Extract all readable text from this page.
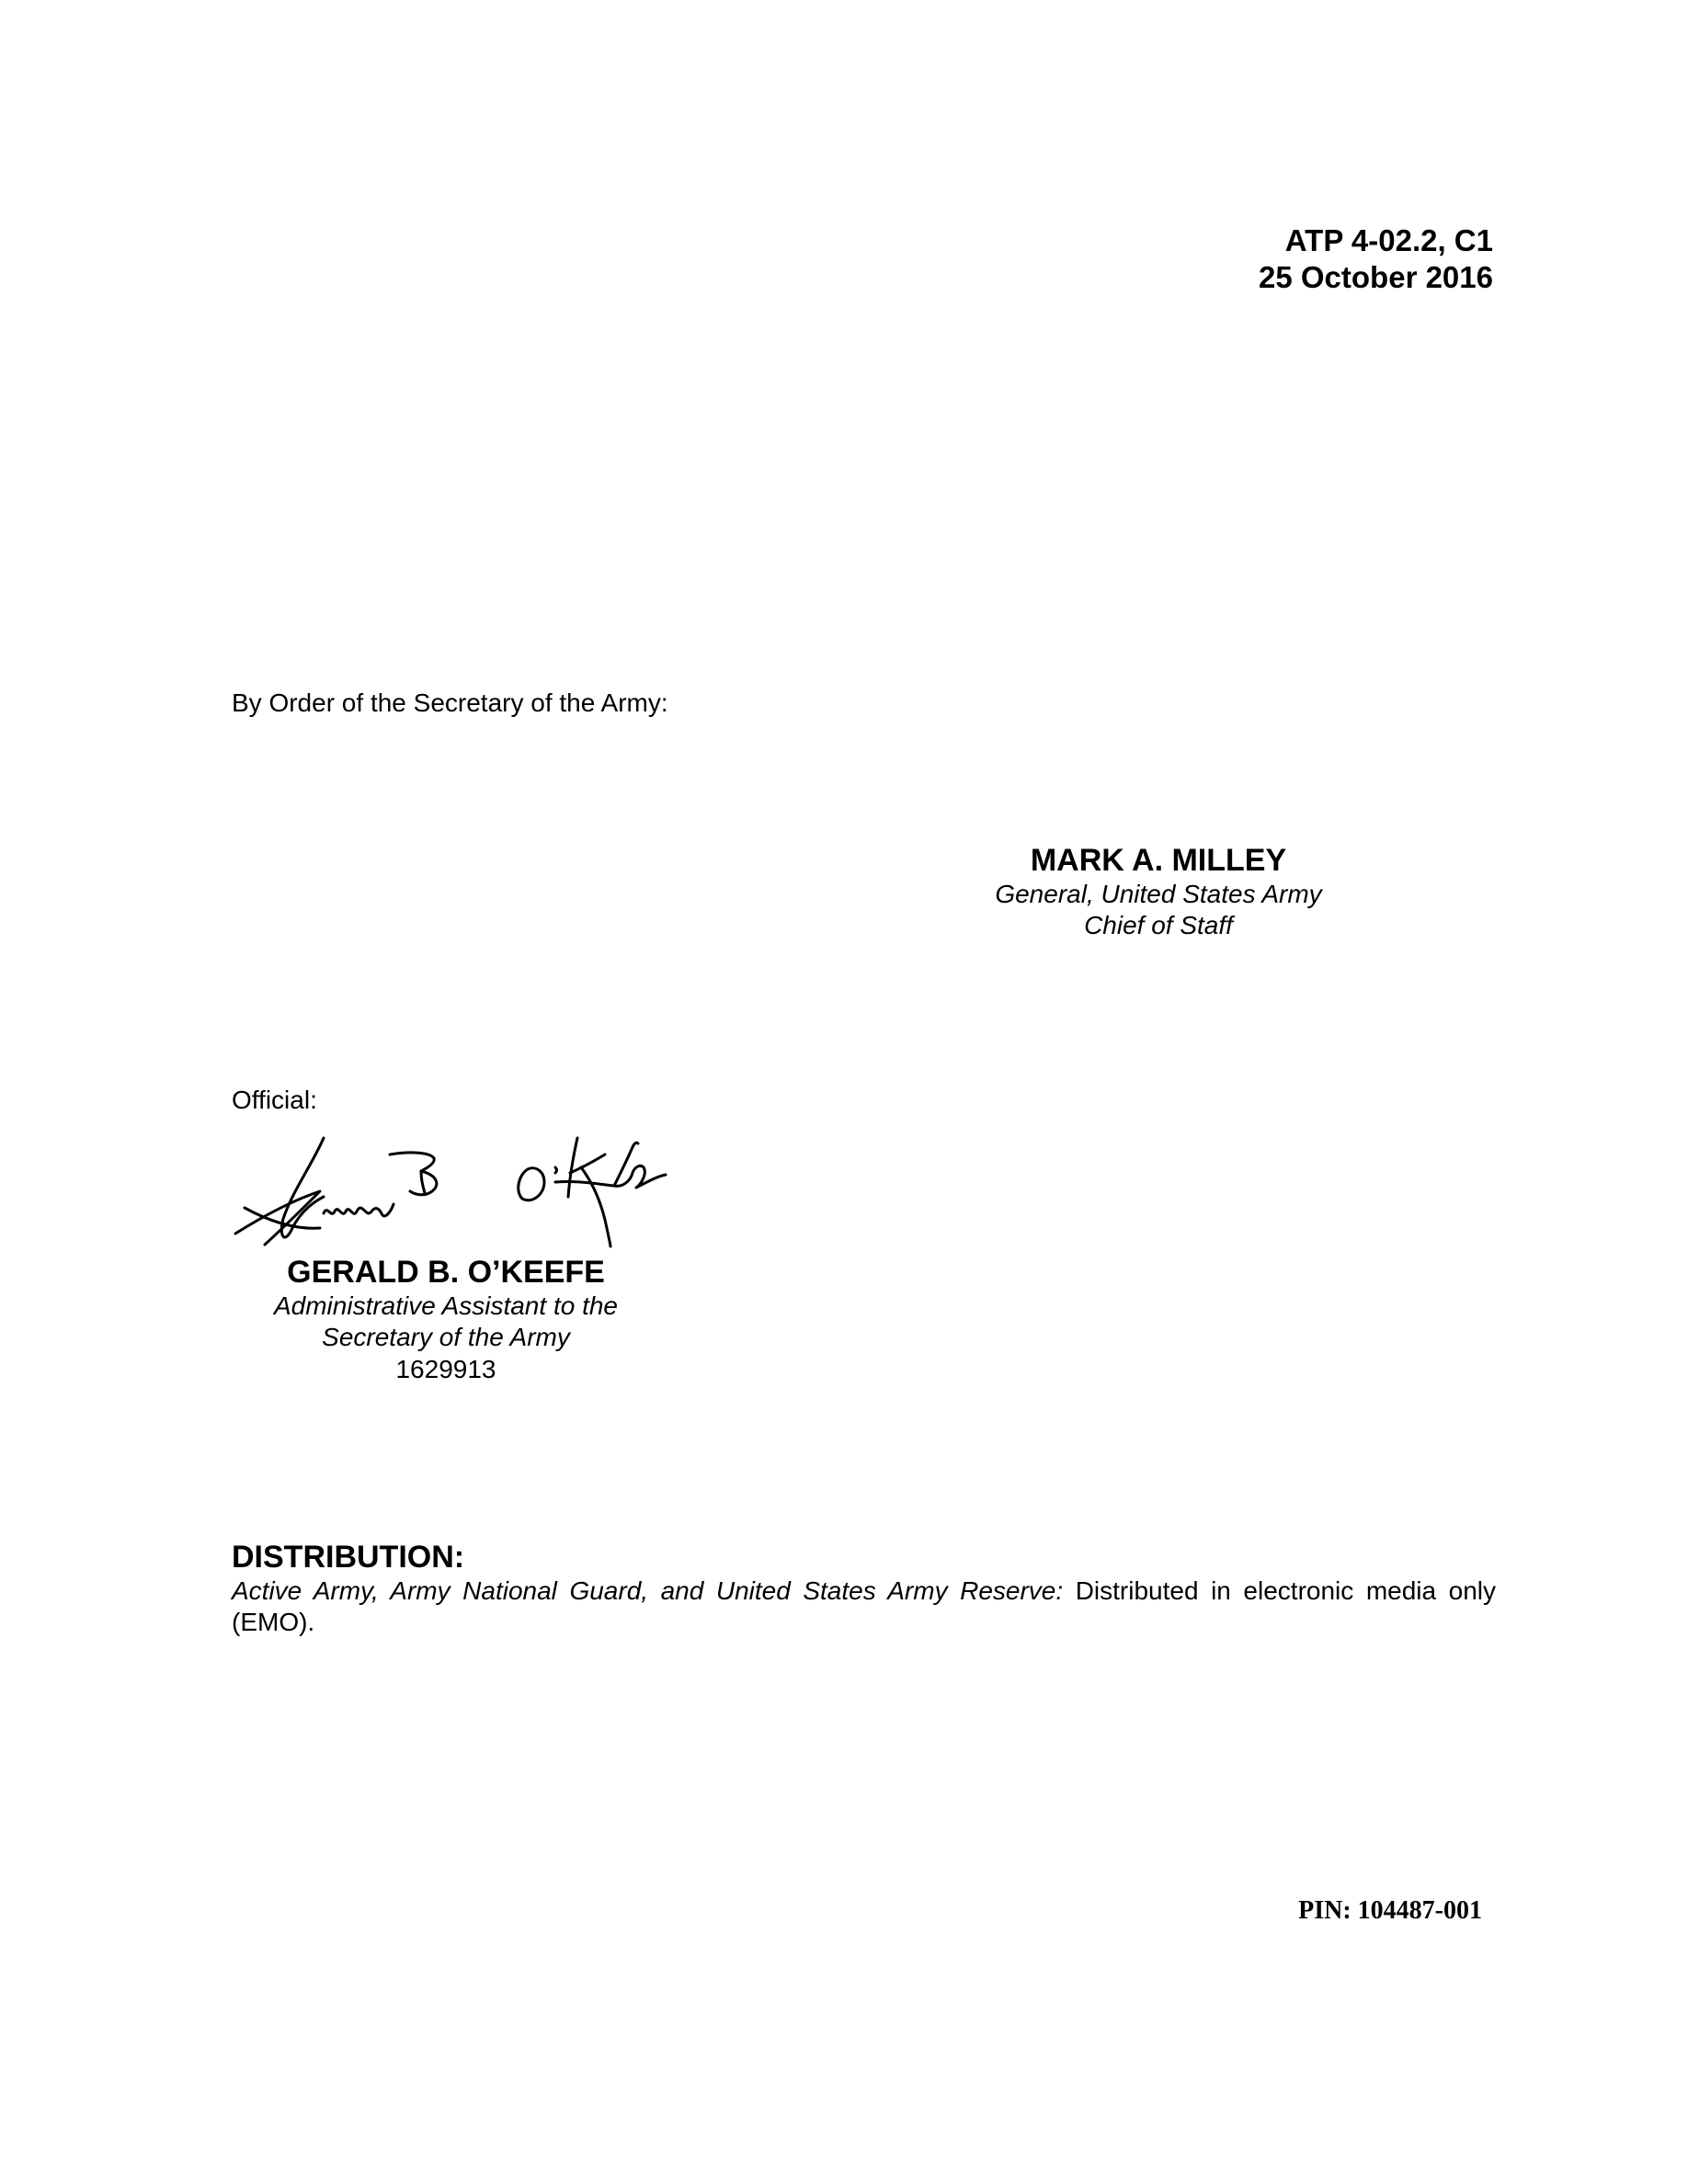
ATP 4-02.2, C1
25 October 2016
By Order of the Secretary of the Army:
MARK A. MILLEY
General, United States Army
Chief of Staff
Official:
GERALD B. O’KEEFE
Administrative Assistant to the
Secretary of the Army
1629913
DISTRIBUTION:

Active Army, Army National Guard, and United States Army Reserve: Distributed in electronic media only (EMO).

PIN: 104487-001
